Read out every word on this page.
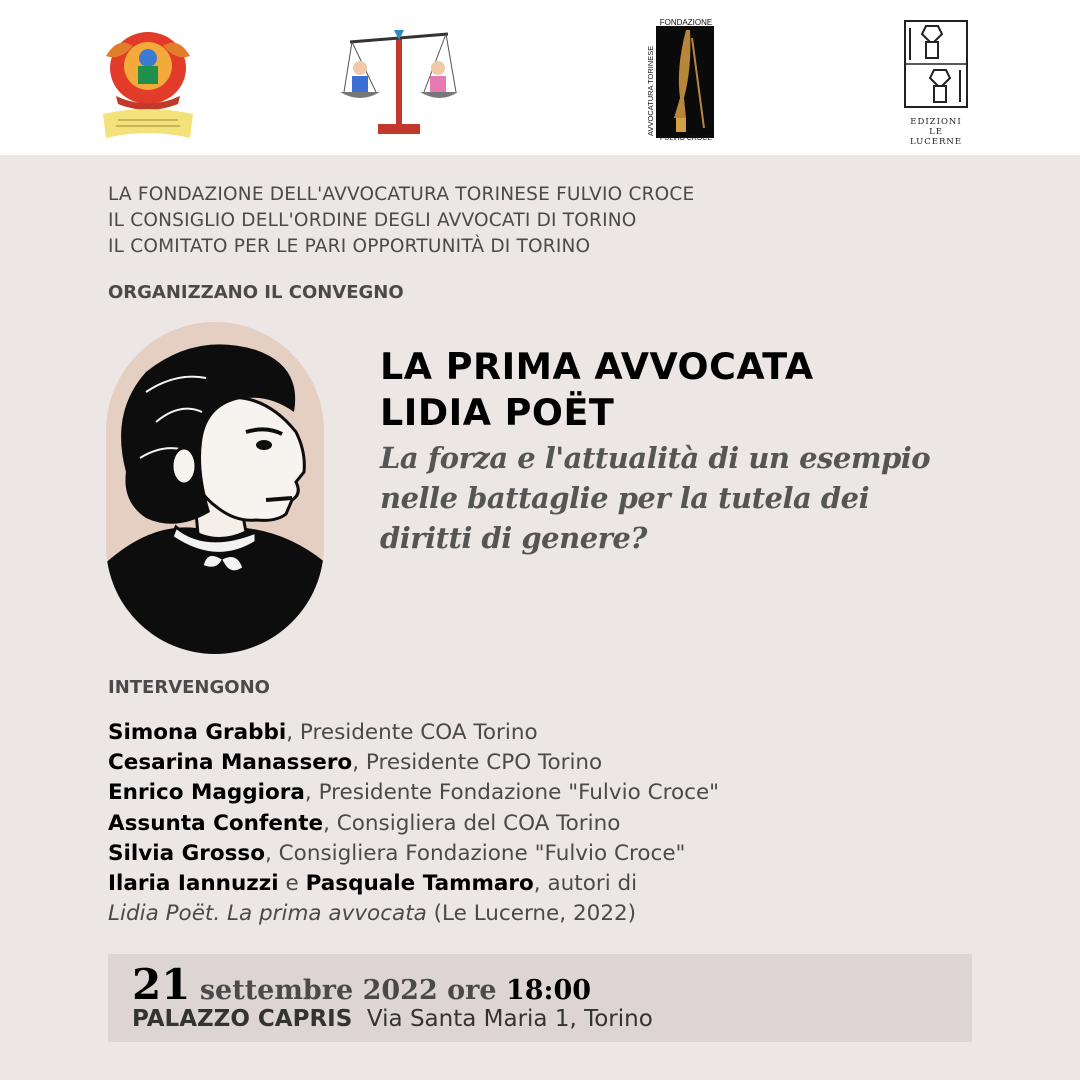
FONDAZIONE
AVVOCATURA TORINESE
FULVIO CROCE
EDIZIONI LE
LUCERNE
LA FONDAZIONE DELL'AVVOCATURA TORINESE FULVIO CROCE
IL CONSIGLIO DELL'ORDINE DEGLI AVVOCATI DI TORINO
IL COMITATO PER LE PARI OPPORTUNITÀ DI TORINO
ORGANIZZANO IL CONVEGNO
LA PRIMA AVVOCATA
LIDIA POËT
La forza e l'attualità di un esempio
nelle battaglie per la tutela dei
diritti di genere?
INTERVENGONO
Simona Grabbi, Presidente COA Torino
Cesarina Manassero, Presidente CPO Torino
Enrico Maggiora, Presidente Fondazione "Fulvio Croce"
Assunta Confente, Consigliera del COA Torino
Silvia Grosso, Consigliera Fondazione "Fulvio Croce"
Ilaria Iannuzzi e Pasquale Tammaro, autori di
Lidia Poët. La prima avvocata (Le Lucerne, 2022)
21 settembre 2022 ore 18:00
PALAZZO CAPRIS Via Santa Maria 1, Torino
